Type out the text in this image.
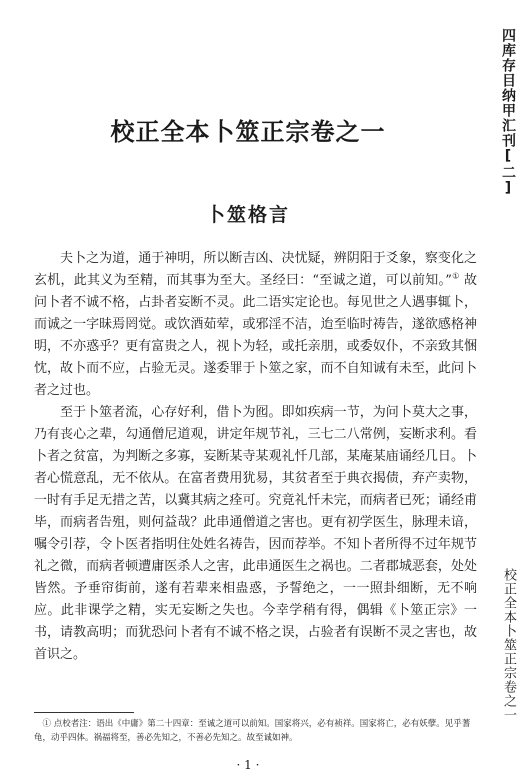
四库存目纳甲汇刊[二]
校正全本卜筮正宗卷之一
校正全本卜筮正宗卷之一
卜筮格言

夫卜之为道，通于神明，所以断吉凶、决忧疑，辨阴阳于爻象，察变化之玄机，此其义为至精，而其事为至大。圣经曰：“至诚之道，可以前知。”① 故问卜者不诚不格，占卦者妄断不灵。此二语实定论也。每见世之人遇事辄卜，而诚之一字昧焉罔觉。或饮酒茹荤，或邪淫不洁，迨至临时祷告，遂欲感格神明，不亦惑乎？更有富贵之人，视卜为轻，或托亲朋，或委奴仆，不亲致其悃忱，故卜而不应，占验无灵。遂委罪于卜筮之家，而不自知诚有未至，此问卜者之过也。

至于卜筮者流，心存好利，借卜为囮。即如疾病一节，为问卜莫大之事，乃有丧心之辈，勾通僧尼道观，讲定年规节礼，三七二八常例，妄断求利。看卜者之贫富，为判断之多寡，妄断某寺某观礼忏几部，某庵某庙诵经几日。卜者心慌意乱，无不依从。在富者费用犹易，其贫者至于典衣揭债，弃产卖物，一时有手足无措之苦，以冀其病之痊可。究竟礼忏未完，而病者已死；诵经甫毕，而病者告殂，则何益哉？此串通僧道之害也。更有初学医生，脉理未谙，嘱令引荐，令卜医者指明住处姓名祷告，因而荐举。不知卜者所得不过年规节礼之微，而病者顿遭庸医杀人之害，此串通医生之祸也。二者郡城恶套，处处皆然。予垂帘街前，遂有若辈来相蛊惑，予誓绝之，一一照卦细断，无不响应。此非课学之精，实无妄断之失也。今幸学稍有得，偶辑《卜筮正宗》一书，请教高明；而犹恐问卜者有不诚不格之误，占验者有误断不灵之害也，故首识之。

① 点校者注：语出《中庸》第二十四章：至诚之道可以前知。国家将兴，必有祯祥。国家将亡，必有妖孽。见乎蓍龟，动乎四体。祸福将至，善必先知之，不善必先知之。故至诚如神。

· 1 ·
